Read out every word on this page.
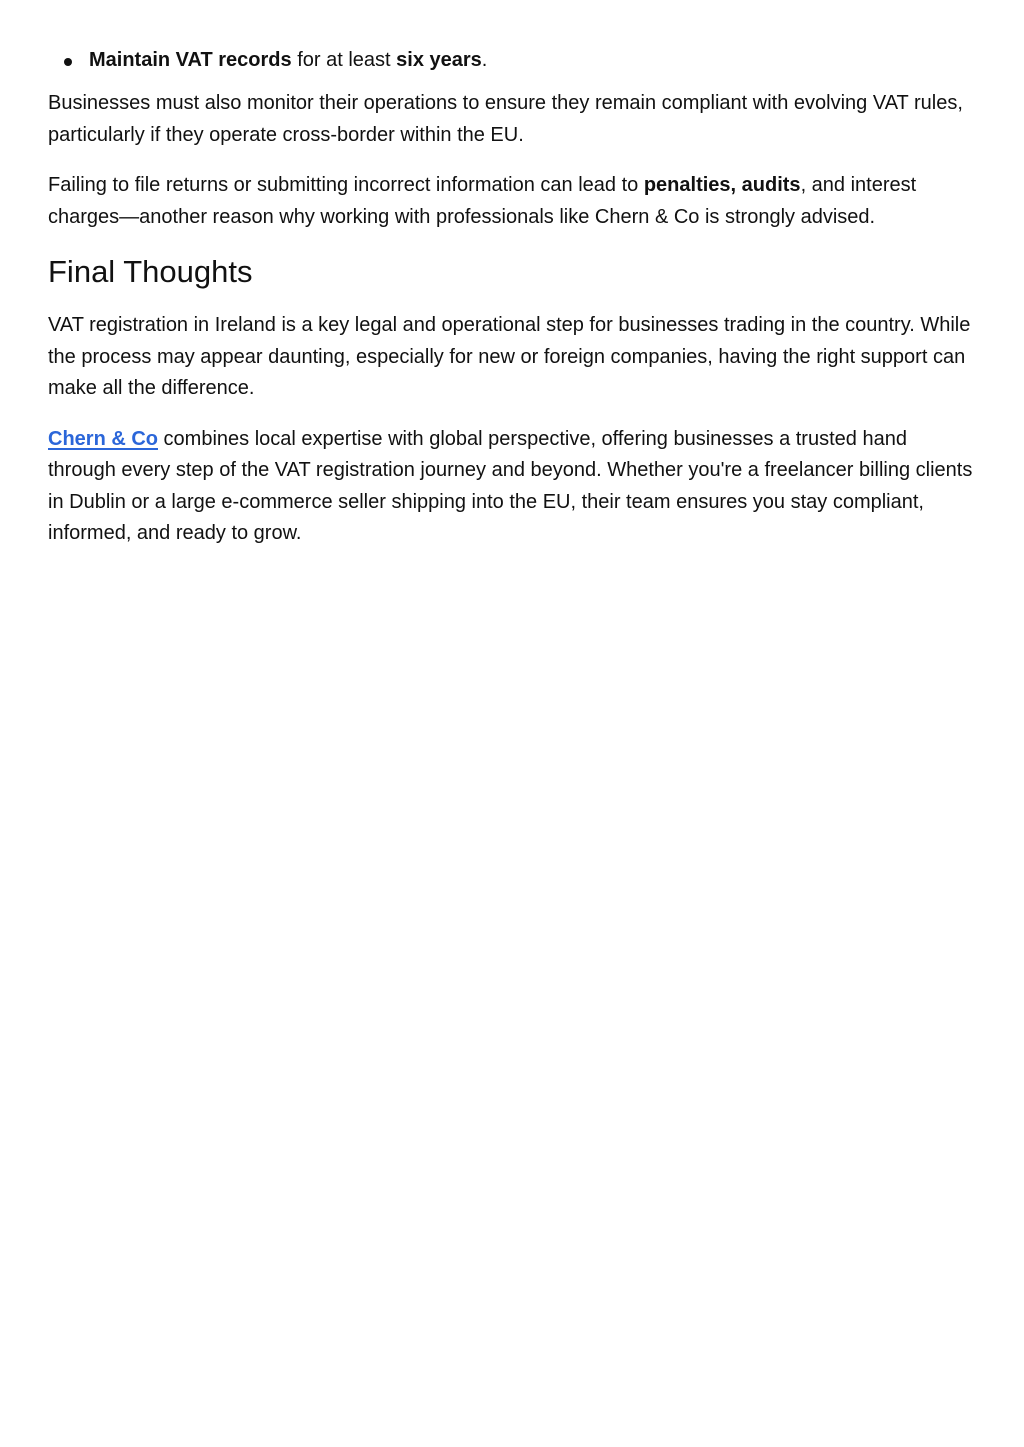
Maintain VAT records for at least six years.

Businesses must also monitor their operations to ensure they remain compliant with evolving VAT rules, particularly if they operate cross-border within the EU.

Failing to file returns or submitting incorrect information can lead to penalties, audits, and interest charges—another reason why working with professionals like Chern & Co is strongly advised.

Final Thoughts

VAT registration in Ireland is a key legal and operational step for businesses trading in the country. While the process may appear daunting, especially for new or foreign companies, having the right support can make all the difference.

Chern & Co combines local expertise with global perspective, offering businesses a trusted hand through every step of the VAT registration journey and beyond. Whether you're a freelancer billing clients in Dublin or a large e-commerce seller shipping into the EU, their team ensures you stay compliant, informed, and ready to grow.
